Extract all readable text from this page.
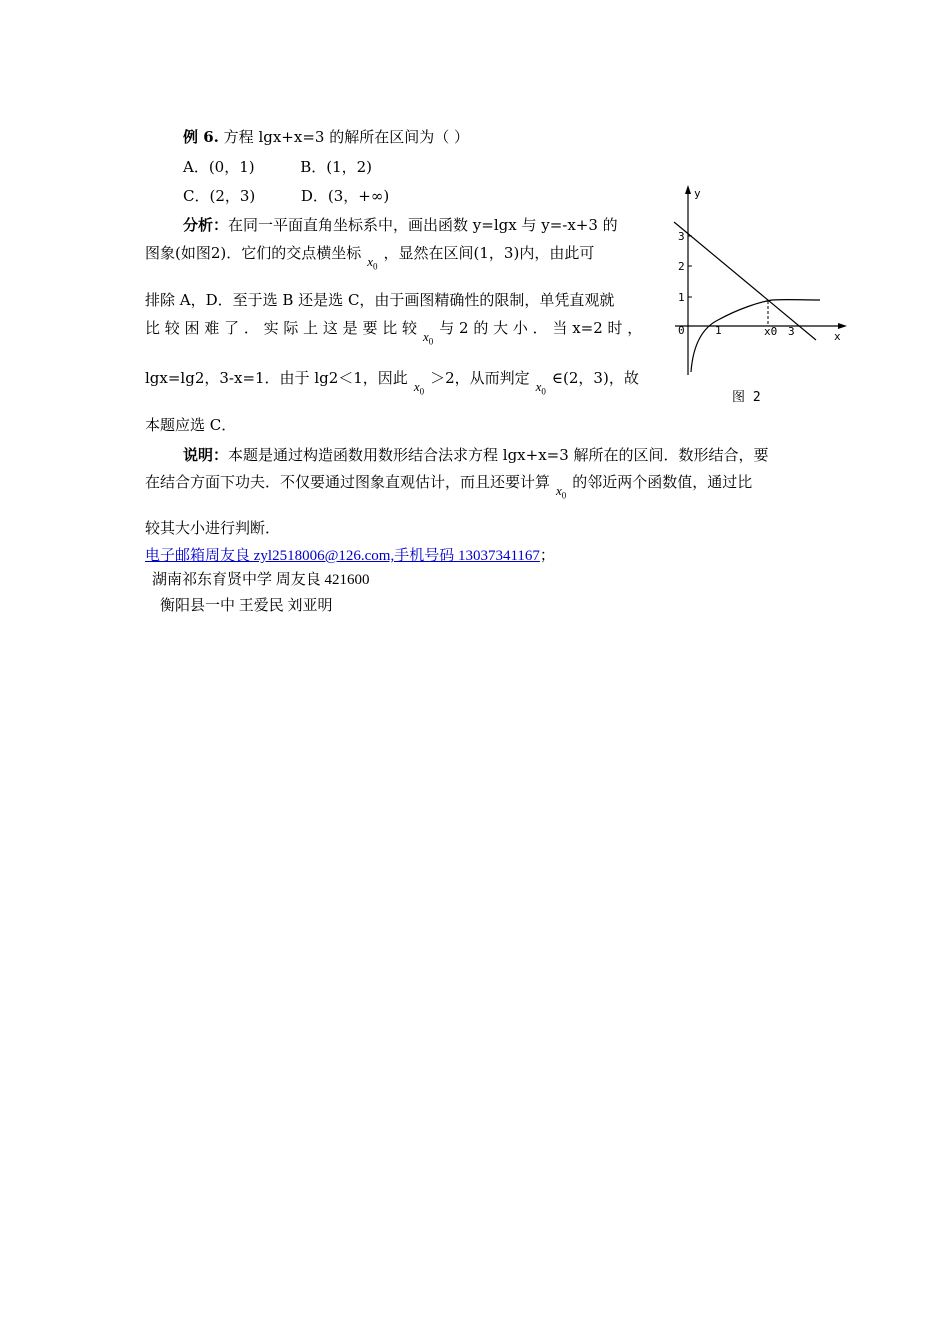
例 6. 方程 lgx+x=3 的解所在区间为（ ）
A．(0，1)	B．(1，2)
C．(2，3)	D．(3，+∞)
分析：在同一平面直角坐标系中，画出函数 y=lgx 与 y=-x+3 的
图象(如图2)．它们的交点横坐标 $x_0$，显然在区间(1，3)内，由此可
排除 A，D．至于选 B 还是选 C，由于画图精确性的限制，单凭直观就
比 较 困 难 了 ． 实 际 上 这 是 要 比 较 $x_0$与 2 的 大 小 ． 当 x=2 时 ，
lgx=lg2，3-x=1．由于 lg2＜1，因此 $x_0>2$，从而判定 $x_0\in(2$，3)，故
本题应选 C．
说明：本题是通过构造函数用数形结合法求方程 lgx+x=3 解所在的区间．数形结合，要
在结合方面下功夫．不仅要通过图象直观估计，而且还要计算 $x_0$的邻近两个函数值，通过比
较其大小进行判断．
电子邮箱周友良 zyl2518006@126.com,手机号码 13037341167；
湖南祁东育贤中学 周友良 421600
衡阳县一中 王爱民 刘亚明
y
x
0
1
2
3
1	3
x0
图 2
